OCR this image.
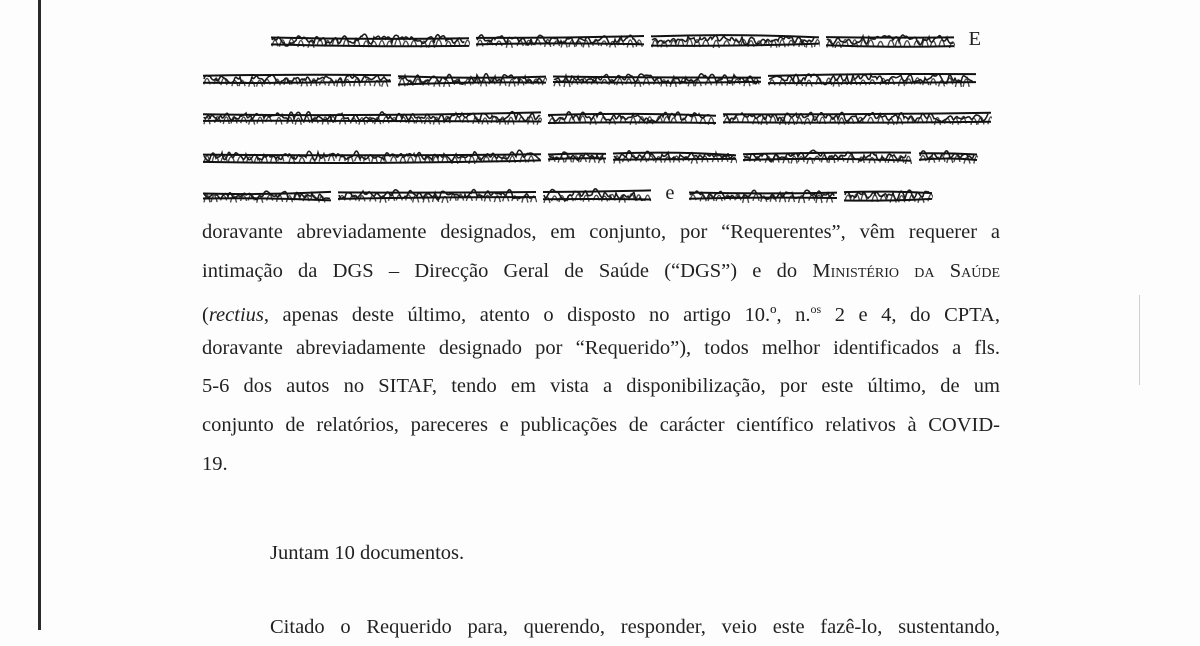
E

e

doravante abreviadamente designados, em conjunto, por “Requerentes”, vêm requerer a
intimação da DGS – Direcção Geral de Saúde (“DGS”) e do Ministério da Saúde
(rectius, apenas deste último, atento o disposto no artigo 10.º, n.$^{os}$ 2 e 4, do CPTA,
doravante abreviadamente designado por “Requerido”), todos melhor identificados a fls.
5-6 dos autos no SITAF, tendo em vista a disponibilização, por este último, de um
conjunto de relatórios, pareceres e publicações de carácter científico relativos à COVID-
19.
Juntam 10 documentos.
Citado o Requerido para, querendo, responder, veio este fazê-lo, sustentando,
